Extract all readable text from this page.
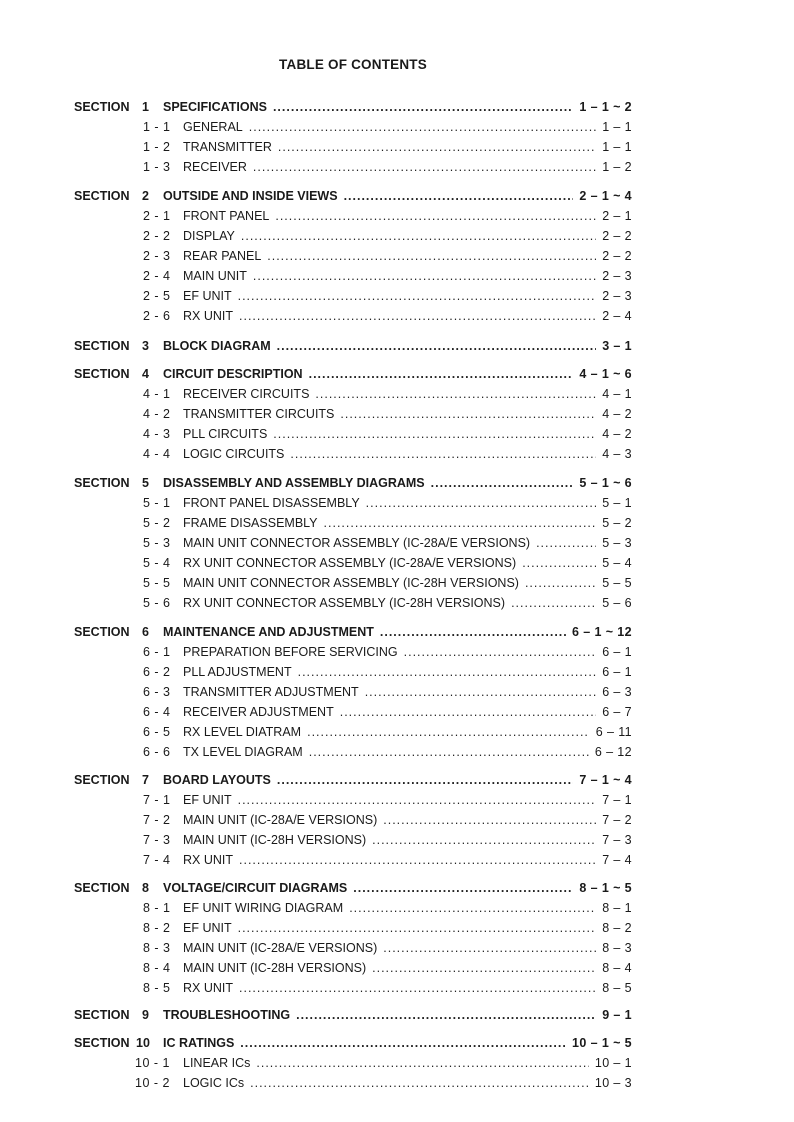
TABLE OF CONTENTS
SECTION 1 SPECIFICATIONS .....	1 – 1 ~ 2
1 - 1 GENERAL .....	1 – 1
1 - 2 TRANSMITTER .....	1 – 1
1 - 3 RECEIVER .....	1 – 2
SECTION 2 OUTSIDE AND INSIDE VIEWS .....	2 – 1 ~ 4
2 - 1 FRONT PANEL .....	2 – 1
2 - 2 DISPLAY .....	2 – 2
2 - 3 REAR PANEL .....	2 – 2
2 - 4 MAIN UNIT .....	2 – 3
2 - 5 EF UNIT .....	2 – 3
2 - 6 RX UNIT .....	2 – 4
SECTION 3 BLOCK DIAGRAM .....	3 – 1
SECTION 4 CIRCUIT DESCRIPTION .....	4 – 1 ~ 6
4 - 1 RECEIVER CIRCUITS .....	4 – 1
4 - 2 TRANSMITTER CIRCUITS .....	4 – 2
4 - 3 PLL CIRCUITS .....	4 – 2
4 - 4 LOGIC CIRCUITS .....	4 – 3
SECTION 5 DISASSEMBLY AND ASSEMBLY DIAGRAMS .....	5 – 1 ~ 6
5 - 1 FRONT PANEL DISASSEMBLY .....	5 – 1
5 - 2 FRAME DISASSEMBLY .....	5 – 2
5 - 3 MAIN UNIT CONNECTOR ASSEMBLY (IC-28A/E VERSIONS) .....	5 – 3
5 - 4 RX UNIT CONNECTOR ASSEMBLY (IC-28A/E VERSIONS) .....	5 – 4
5 - 5 MAIN UNIT CONNECTOR ASSEMBLY (IC-28H VERSIONS) .....	5 – 5
5 - 6 RX UNIT CONNECTOR ASSEMBLY (IC-28H VERSIONS) .....	5 – 6
SECTION 6 MAINTENANCE AND ADJUSTMENT .....	6 – 1 ~ 12
6 - 1 PREPARATION BEFORE SERVICING .....	6 – 1
6 - 2 PLL ADJUSTMENT .....	6 – 1
6 - 3 TRANSMITTER ADJUSTMENT .....	6 – 3
6 - 4 RECEIVER ADJUSTMENT .....	6 – 7
6 - 5 RX LEVEL DIATRAM .....	6 – 11
6 - 6 TX LEVEL DIAGRAM .....	6 – 12
SECTION 7 BOARD LAYOUTS .....	7 – 1 ~ 4
7 - 1 EF UNIT .....	7 – 1
7 - 2 MAIN UNIT (IC-28A/E VERSIONS) .....	7 – 2
7 - 3 MAIN UNIT (IC-28H VERSIONS) .....	7 – 3
7 - 4 RX UNIT .....	7 – 4
SECTION 8 VOLTAGE/CIRCUIT DIAGRAMS .....	8 – 1 ~ 5
8 - 1 EF UNIT WIRING DIAGRAM .....	8 – 1
8 - 2 EF UNIT .....	8 – 2
8 - 3 MAIN UNIT (IC-28A/E VERSIONS) .....	8 – 3
8 - 4 MAIN UNIT (IC-28H VERSIONS) .....	8 – 4
8 - 5 RX UNIT .....	8 – 5
SECTION 9 TROUBLESHOOTING .....	9 – 1
SECTION 10 IC RATINGS .....	10 – 1 ~ 5
10 - 1 LINEAR ICs .....	10 – 1
10 - 2 LOGIC ICs .....	10 – 3
